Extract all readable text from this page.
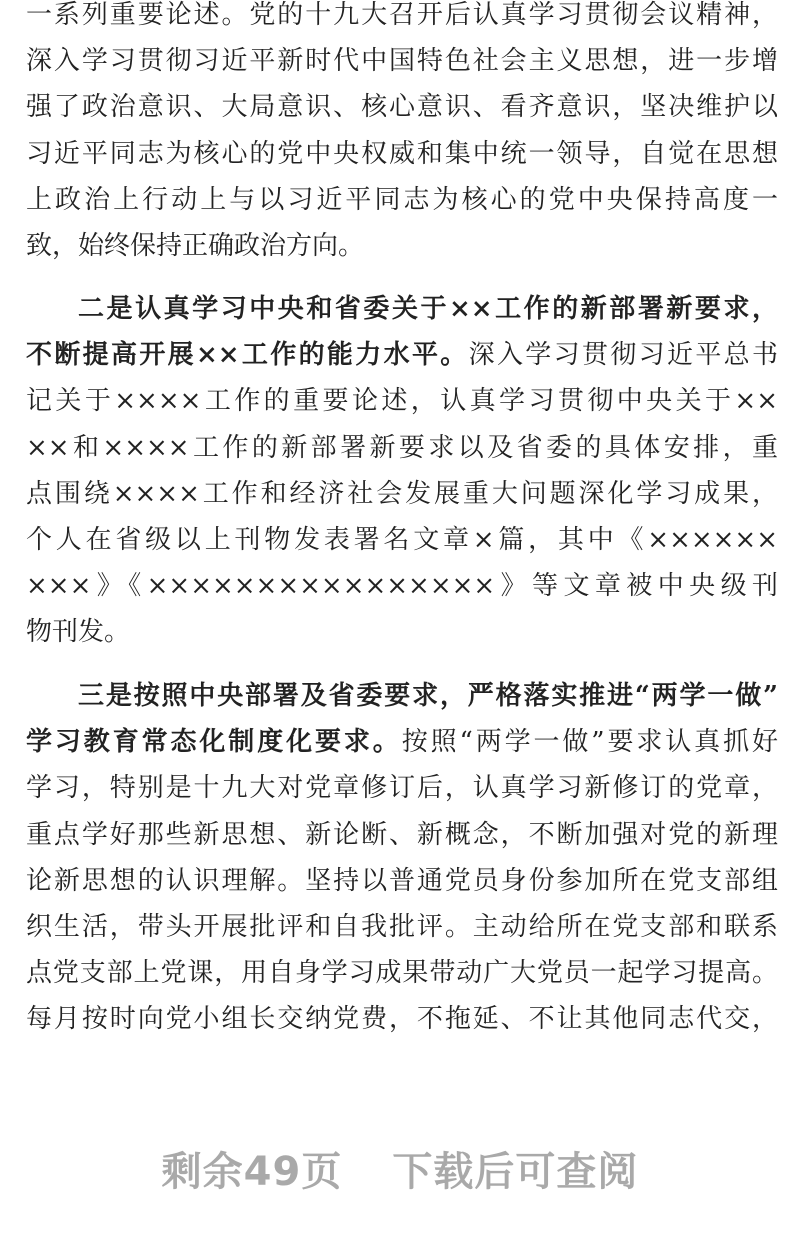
一系列重要论述。党的十九大召开后认真学习贯彻会议精神，
深入学习贯彻习近平新时代中国特色社会主义思想，进一步增
强了政治意识、大局意识、核心意识、看齐意识，坚决维护以
习近平同志为核心的党中央权威和集中统一领导，自觉在思想
上政治上行动上与以习近平同志为核心的党中央保持高度一
致，始终保持正确政治方向。
二是认真学习中央和省委关于××工作的新部署新要求，
不断提高开展××工作的能力水平。深入学习贯彻习近平总书
记关于××××工作的重要论述，认真学习贯彻中央关于××
××和××××工作的新部署新要求以及省委的具体安排，重
点围绕××××工作和经济社会发展重大问题深化学习成果，
个人在省级以上刊物发表署名文章×篇，其中《××××××
×××》《××××××××××××××××》等文章被中央级刊
物刊发。
三是按照中央部署及省委要求，严格落实推进“两学一做”
学习教育常态化制度化要求。按照“两学一做”要求认真抓好
学习，特别是十九大对党章修订后，认真学习新修订的党章，
重点学好那些新思想、新论断、新概念，不断加强对党的新理
论新思想的认识理解。坚持以普通党员身份参加所在党支部组
织生活，带头开展批评和自我批评。主动给所在党支部和联系
点党支部上党课，用自身学习成果带动广大党员一起学习提高。
每月按时向党小组长交纳党费，不拖延、不让其他同志代交，
剩余49页 下载后可查阅
